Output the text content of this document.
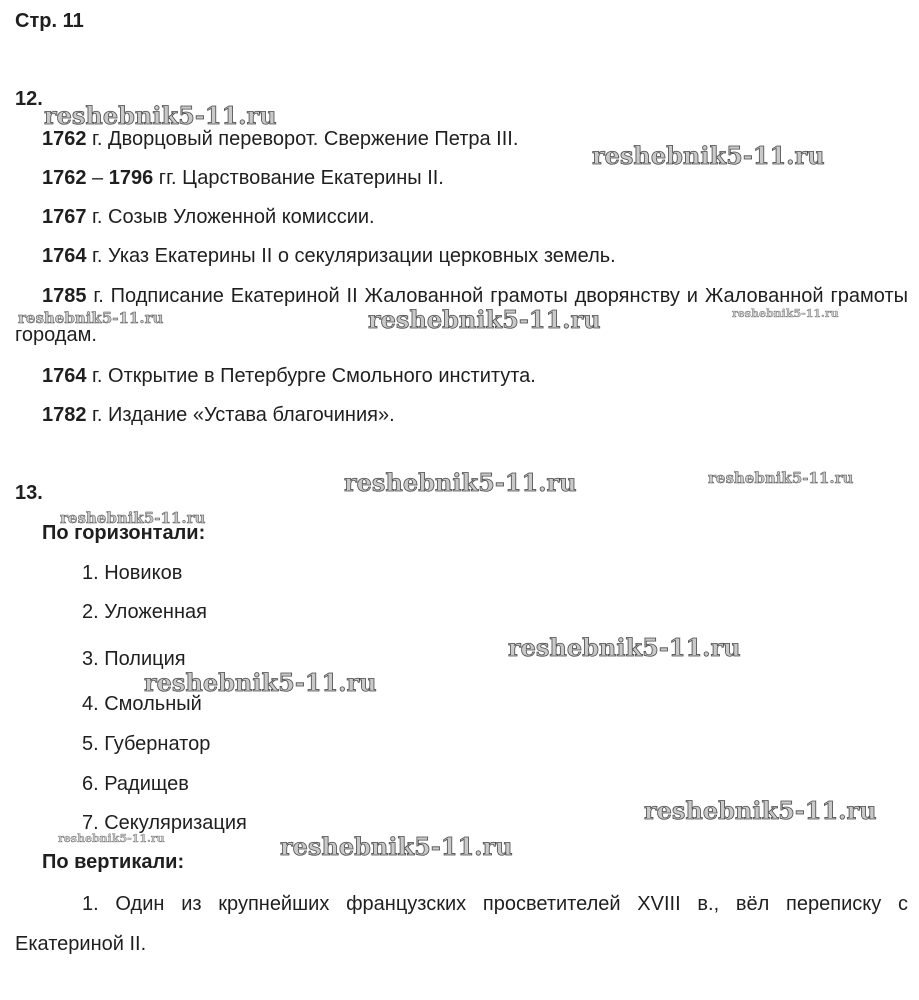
Стр. 11
12.
1762 г. Дворцовый переворот. Свержение Петра III.
1762 – 1796 гг. Царствование Екатерины II.
1767 г. Созыв Уложенной комиссии.
1764 г. Указ Екатерины II о секуляризации церковных земель.
1785 г. Подписание Екатериной II Жалованной грамоты дворянству и Жалованной грамоты городам.
1764 г. Открытие в Петербурге Смольного института.
1782 г. Издание «Устава благочиния».
13.
По горизонтали:
1. Новиков
2. Уложенная
3. Полиция
4. Смольный
5. Губернатор
6. Радищев
7. Секуляризация
По вертикали:
1. Один из крупнейших французских просветителей XVIII в., вёл переписку с Екатериной II.
reshebnik5-11.ru
reshebnik5-11.ru
reshebnik5-11.ru
reshebnik5-11.ru	reshebnik5-11.ru
reshebnik5-11.ru	reshebnik5-11.ru
reshebnik5-11.ru
reshebnik5-11.ru
reshebnik5-11.ru
reshebnik5-11.ru
reshebnik5-11.ru
reshebnik5-11.ru
